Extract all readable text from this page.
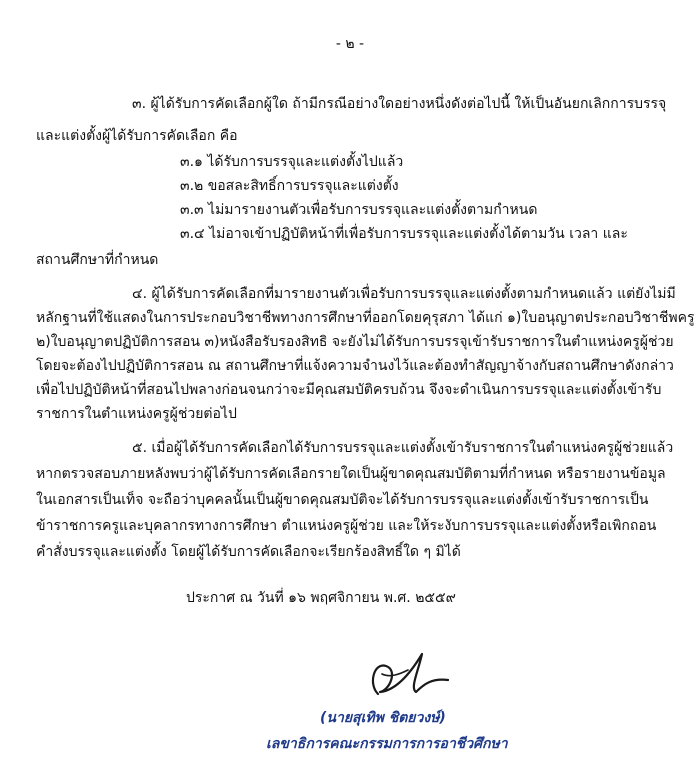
- ๒ -
๓. ผู้ได้รับการคัดเลือกผู้ใด ถ้ามีกรณีอย่างใดอย่างหนึ่งดังต่อไปนี้ ให้เป็นอันยกเลิกการบรรจุ
และแต่งตั้งผู้ได้รับการคัดเลือก คือ
๓.๑ ได้รับการบรรจุและแต่งตั้งไปแล้ว
๓.๒ ขอสละสิทธิ์การบรรจุและแต่งตั้ง
๓.๓ ไม่มารายงานตัวเพื่อรับการบรรจุและแต่งตั้งตามกำหนด
๓.๔ ไม่อาจเข้าปฏิบัติหน้าที่เพื่อรับการบรรจุและแต่งตั้งได้ตามวัน เวลา และ
สถานศึกษาที่กำหนด
๔. ผู้ได้รับการคัดเลือกที่มารายงานตัวเพื่อรับการบรรจุและแต่งตั้งตามกำหนดแล้ว แต่ยังไม่มี
หลักฐานที่ใช้แสดงในการประกอบวิชาชีพทางการศึกษาที่ออกโดยคุรุสภา ได้แก่ ๑)ใบอนุญาตประกอบวิชาชีพครู
๒)ใบอนุญาตปฏิบัติการสอน ๓)หนังสือรับรองสิทธิ จะยังไม่ได้รับการบรรจุเข้ารับราชการในตำแหน่งครูผู้ช่วย
โดยจะต้องไปปฏิบัติการสอน ณ สถานศึกษาที่แจ้งความจำนงไว้และต้องทำสัญญาจ้างกับสถานศึกษาดังกล่าว
เพื่อไปปฏิบัติหน้าที่สอนไปพลางก่อนจนกว่าจะมีคุณสมบัติครบถ้วน จึงจะดำเนินการบรรจุและแต่งตั้งเข้ารับ
ราชการในตำแหน่งครูผู้ช่วยต่อไป
๕. เมื่อผู้ได้รับการคัดเลือกได้รับการบรรจุและแต่งตั้งเข้ารับราชการในตำแหน่งครูผู้ช่วยแล้ว
หากตรวจสอบภายหลังพบว่าผู้ได้รับการคัดเลือกรายใดเป็นผู้ขาดคุณสมบัติตามที่กำหนด หรือรายงานข้อมูล
ในเอกสารเป็นเท็จ จะถือว่าบุคคลนั้นเป็นผู้ขาดคุณสมบัติจะได้รับการบรรจุและแต่งตั้งเข้ารับราชการเป็น
ข้าราชการครูและบุคลากรทางการศึกษา ตำแหน่งครูผู้ช่วย และให้ระงับการบรรจุและแต่งตั้งหรือเพิกถอน
คำสั่งบรรจุและแต่งตั้ง โดยผู้ได้รับการคัดเลือกจะเรียกร้องสิทธิ์ใด ๆ มิได้
ประกาศ ณ วันที่ ๑๖ พฤศจิกายน พ.ศ. ๒๕๕๙
(นายสุเทิพ ชิตยวงษ์)
เลขาธิการคณะกรรมการการอาชีวศึกษา
